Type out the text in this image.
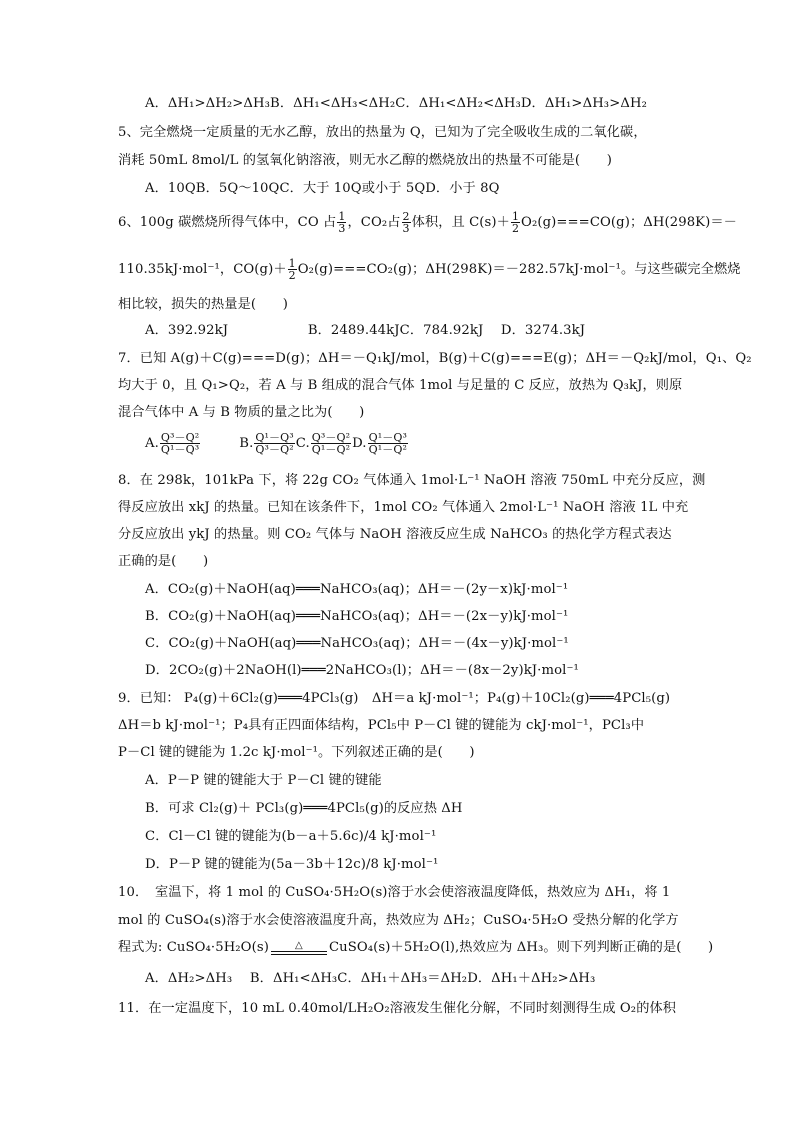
A．ΔH₁>ΔH₂>ΔH₃B．ΔH₁<ΔH₃<ΔH₂C．ΔH₁<ΔH₂<ΔH₃D．ΔH₁>ΔH₃>ΔH₂
5、完全燃烧一定质量的无水乙醇，放出的热量为 Q，已知为了完全吸收生成的二氧化碳，
消耗 50mL 8mol/L 的氢氧化钠溶液，则无水乙醇的燃烧放出的热量不可能是(　　)
A．10QB．5Q～10QC．大于 10Q或小于 5QD．小于 8Q
6、100g 碳燃烧所得气体中，CO 占 $\frac{1}{3}$ ，CO₂占 $\frac{2}{3}$ 体积，且 $C(s)+ \frac{1}{2} O_2(g)===CO(g)$；ΔH(298K)＝－
110.35kJ·mol⁻¹，$CO(g)+ \frac{1}{2} O_2(g)===CO_2(g)$；ΔH(298K)＝－282.57kJ·mol⁻¹。与这些碳完全燃烧
相比较，损失的热量是(　　)
A．392.92kJ　　　　　　B．2489.44kJC．784.92kJ　 D．3274.3kJ
7．已知 A(g)＋C(g)===D(g)；ΔH＝－Q₁kJ/mol，B(g)＋C(g)===E(g)；ΔH＝－Q₂kJ/mol，Q₁、Q₂
均大于 0，且 Q₁>Q₂，若 A 与 B 组成的混合气体 1mol 与足量的 C 反应，放热为 Q₃kJ，则原
混合气体中 A 与 B 物质的量之比为(　　)
A. $\frac{\text{Q³－Q²}}{\text{Q¹－Q³}}$	B. $\frac{\text{Q¹－Q³}}{\text{Q³－Q²}} C$. $\frac{\text{Q³－Q²}}{\text{Q¹－Q²}} D$. $\frac{\text{Q¹－Q³}}{\text{Q¹－Q²}}$
8．在 298k，101kPa 下，将 22g CO₂ 气体通入 1mol·L⁻¹ NaOH 溶液 750mL 中充分反应，测
得反应放出 xkJ 的热量。已知在该条件下，1mol CO₂ 气体通入 2mol·L⁻¹ NaOH 溶液 1L 中充
分反应放出 ykJ 的热量。则 CO₂ 气体与 NaOH 溶液反应生成 NaHCO₃ 的热化学方程式表达
正确的是(　　)
A．CO₂(g)＋NaOH(aq)═══NaHCO₃(aq)；ΔH＝－(2y－x)kJ·mol⁻¹
B．CO₂(g)＋NaOH(aq)═══NaHCO₃(aq)；ΔH＝－(2x－y)kJ·mol⁻¹
C．CO₂(g)＋NaOH(aq)═══NaHCO₃(aq)；ΔH＝－(4x－y)kJ·mol⁻¹
D．2CO₂(g)＋2NaOH(l)═══2NaHCO₃(l)；ΔH＝－(8x－2y)kJ·mol⁻¹
9．已知： P₄(g)＋6Cl₂(g)═══4PCl₃(g)　ΔH＝a kJ·mol⁻¹；P₄(g)＋10Cl₂(g)═══4PCl₅(g)
ΔH＝b kJ·mol⁻¹；P₄具有正四面体结构，PCl₅中 P－Cl 键的键能为 ckJ·mol⁻¹，PCl₃中
P－Cl 键的键能为 1.2c kJ·mol⁻¹。下列叙述正确的是(　　)
A．P－P 键的键能大于 P－Cl 键的键能
B．可求 Cl₂(g)＋ PCl₃(g)═══4PCl₅(g)的反应热 ΔH
C．Cl－Cl 键的键能为(b－a＋5.6c)/4 kJ·mol⁻¹
D．P－P 键的键能为(5a－3b＋12c)/8 kJ·mol⁻¹
10．　室温下，将 1 mol 的 CuSO₄·5H₂O(s)溶于水会使溶液温度降低，热效应为 ΔH₁，将 1
mol 的 CuSO₄(s)溶于水会使溶液温度升高，热效应为 ΔH₂；CuSO₄·5H₂O 受热分解的化学方
程式为: CuSO₄·5H₂O(s)	△	CuSO₄(s)＋5H₂O(l),热效应为 ΔH₃。则下列判断正确的是(　　)
A．ΔH₂>ΔH₃　 B．ΔH₁<ΔH₃C．ΔH₁＋ΔH₃＝ΔH₂D．ΔH₁＋ΔH₂>ΔH₃
11．在一定温度下，10 mL 0.40mol/LH₂O₂溶液发生催化分解，不同时刻测得生成 O₂的体积
